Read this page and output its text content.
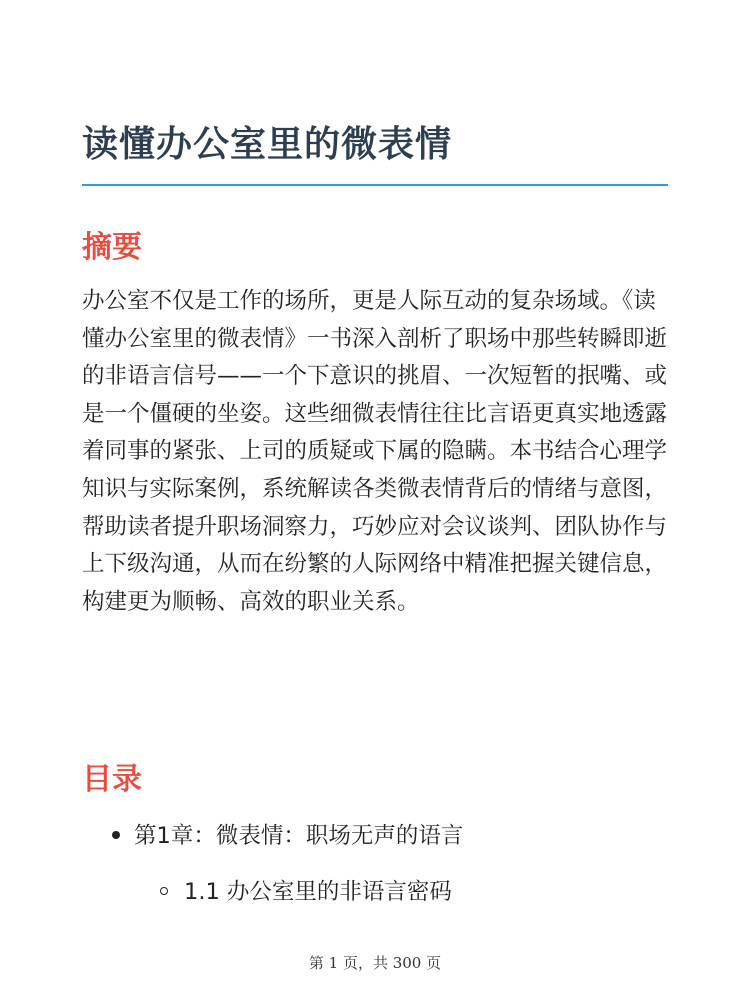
读懂办公室里的微表情
摘要

办公室不仅是工作的场所，更是人际互动的复杂场域。《读懂办公室里的微表情》一书深入剖析了职场中那些转瞬即逝的非语言信号——一个下意识的挑眉、一次短暂的抿嘴、或是一个僵硬的坐姿。这些细微表情往往比言语更真实地透露着同事的紧张、上司的质疑或下属的隐瞒。本书结合心理学知识与实际案例，系统解读各类微表情背后的情绪与意图，帮助读者提升职场洞察力，巧妙应对会议谈判、团队协作与上下级沟通，从而在纷繁的人际网络中精准把握关键信息，构建更为顺畅、高效的职业关系。

目录
第1章：微表情：职场无声的语言
1.1 办公室里的非语言密码
第 1 页，共 300 页
